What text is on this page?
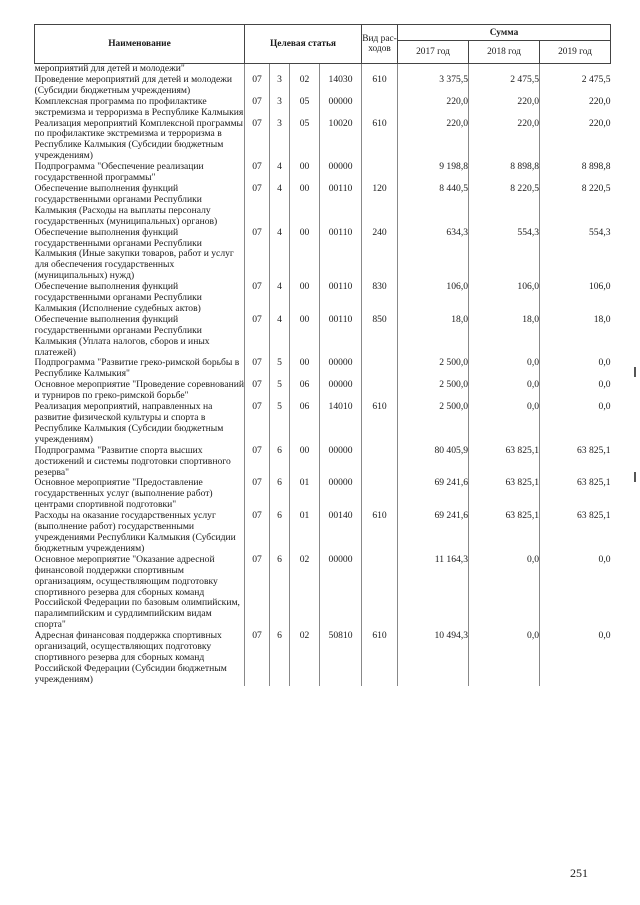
Наименование	Целевая статья				Вид рас-ходов	Сумма		
						2017 год	2018 год	2019 год
мероприятий для детей и молодежи"								
Проведение мероприятий для детей и молодежи (Субсидии бюджетным учреждениям)	07	3	02	14030	610	3 375,5	2 475,5	2 475,5
Комплексная программа по профилактике экстремизма и терроризма в Республике Калмыкия	07	3	05	00000		220,0	220,0	220,0
Реализация мероприятий Комплексной программы по профилактике экстремизма и терроризма в Республике Калмыкия (Субсидии бюджетным учреждениям)	07	3	05	10020	610	220,0	220,0	220,0
Подпрограмма "Обеспечение реализации государственной программы"	07	4	00	00000		9 198,8	8 898,8	8 898,8
Обеспечение выполнения функций государственными органами Республики Калмыкия (Расходы на выплаты персоналу государственных (муниципальных) органов)	07	4	00	00110	120	8 440,5	8 220,5	8 220,5
Обеспечение выполнения функций государственными органами Республики Калмыкия (Иные закупки товаров, работ и услуг для обеспечения государственных (муниципальных) нужд)	07	4	00	00110	240	634,3	554,3	554,3
Обеспечение выполнения функций государственными органами Республики Калмыкия (Исполнение судебных актов)	07	4	00	00110	830	106,0	106,0	106,0
Обеспечение выполнения функций государственными органами Республики Калмыкия (Уплата налогов, сборов и иных платежей)	07	4	00	00110	850	18,0	18,0	18,0
Подпрограмма "Развитие греко-римской борьбы в Республике Калмыкия"	07	5	00	00000		2 500,0	0,0	0,0
Основное мероприятие "Проведение соревнований и турниров по греко-римской борьбе"	07	5	06	00000		2 500,0	0,0	0,0
Реализация мероприятий, направленных на развитие физической культуры и спорта в Республике Калмыкия (Субсидии бюджетным учреждениям)	07	5	06	14010	610	2 500,0	0,0	0,0
Подпрограмма "Развитие спорта высших достижений и системы подготовки спортивного резерва"	07	6	00	00000		80 405,9	63 825,1	63 825,1
Основное мероприятие "Предоставление государственных услуг (выполнение работ) центрами спортивной подготовки"	07	6	01	00000		69 241,6	63 825,1	63 825,1
Расходы на оказание государственных услуг (выполнение работ) государственными учреждениями Республики Калмыкия (Субсидии бюджетным учреждениям)	07	6	01	00140	610	69 241,6	63 825,1	63 825,1
Основное мероприятие "Оказание адресной финансовой поддержки спортивным организациям, осуществляющим подготовку спортивного резерва для сборных команд Российской Федерации по базовым олимпийским, паралимпийским и сурдлимпийским видам спорта"	07	6	02	00000		11 164,3	0,0	0,0
Адресная финансовая поддержка спортивных организаций, осуществляющих подготовку спортивного резерва для сборных команд Российской Федерации (Субсидии бюджетным учреждениям)	07	6	02	50810	610	10 494,3	0,0	0,0
251
